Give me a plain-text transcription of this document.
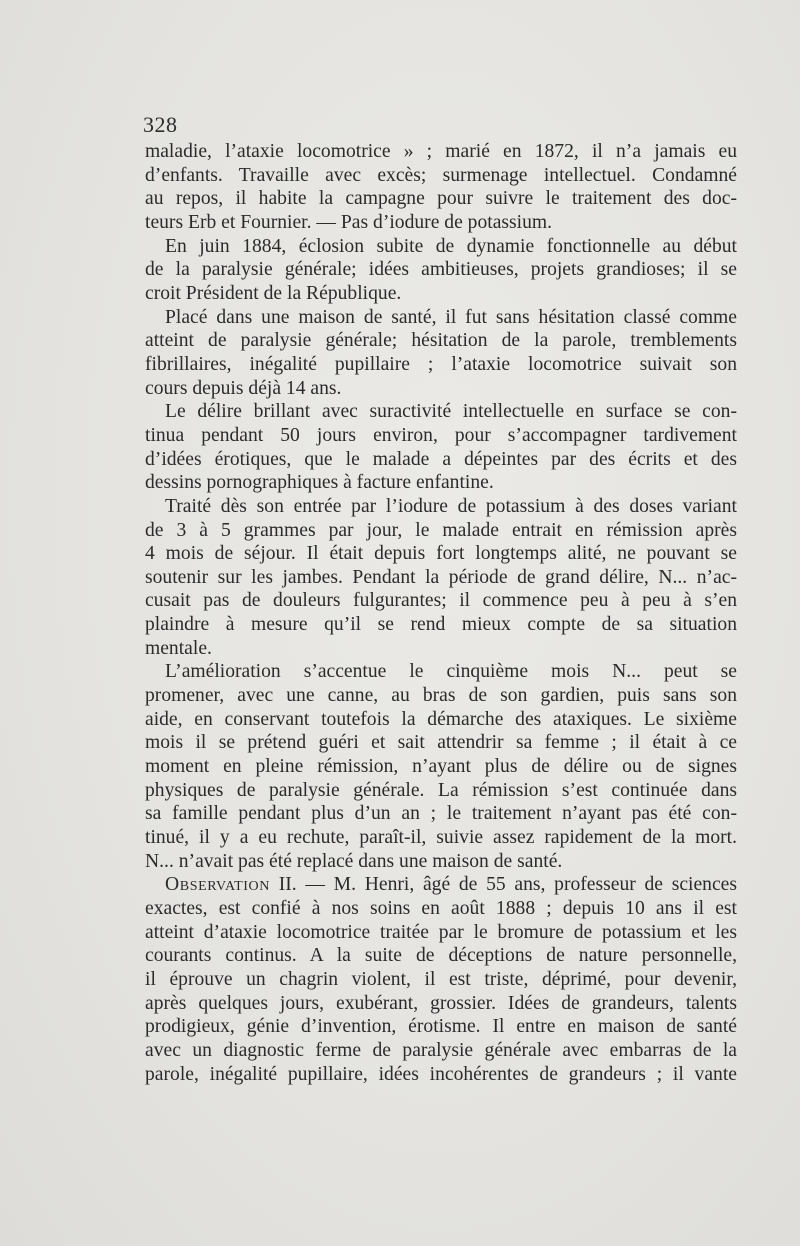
328

maladie, l’ataxie locomotrice » ; marié en 1872, il n’a jamais eu

d’enfants. Travaille avec excès; surmenage intellectuel. Condamné

au repos, il habite la campagne pour suivre le traitement des doc-

teurs Erb et Fournier. — Pas d’iodure de potassium.

En juin 1884, éclosion subite de dynamie fonctionnelle au début

de la paralysie générale; idées ambitieuses, projets grandioses; il se

croit Président de la République.

Placé dans une maison de santé, il fut sans hésitation classé comme

atteint de paralysie générale; hésitation de la parole, tremblements

fibrillaires, inégalité pupillaire ; l’ataxie locomotrice suivait son

cours depuis déjà 14 ans.

Le délire brillant avec suractivité intellectuelle en surface se con-

tinua pendant 50 jours environ, pour s’accompagner tardivement

d’idées érotiques, que le malade a dépeintes par des écrits et des

dessins pornographiques à facture enfantine.

Traité dès son entrée par l’iodure de potassium à des doses variant

de 3 à 5 grammes par jour, le malade entrait en rémission après

4 mois de séjour. Il était depuis fort longtemps alité, ne pouvant se

soutenir sur les jambes. Pendant la période de grand délire, N... n’ac-

cusait pas de douleurs fulgurantes; il commence peu à peu à s’en

plaindre à mesure qu’il se rend mieux compte de sa situation

mentale.

L’amélioration s’accentue le cinquième mois N... peut se

promener, avec une canne, au bras de son gardien, puis sans son

aide, en conservant toutefois la démarche des ataxiques. Le sixième

mois il se prétend guéri et sait attendrir sa femme ; il était à ce

moment en pleine rémission, n’ayant plus de délire ou de signes

physiques de paralysie générale. La rémission s’est continuée dans

sa famille pendant plus d’un an ; le traitement n’ayant pas été con-

tinué, il y a eu rechute, paraît-il, suivie assez rapidement de la mort.

N... n’avait pas été replacé dans une maison de santé.

Observation II. — M. Henri, âgé de 55 ans, professeur de sciences

exactes, est confié à nos soins en août 1888 ; depuis 10 ans il est

atteint d’ataxie locomotrice traitée par le bromure de potassium et les

courants continus. A la suite de déceptions de nature personnelle,

il éprouve un chagrin violent, il est triste, déprimé, pour devenir,

après quelques jours, exubérant, grossier. Idées de grandeurs, talents

prodigieux, génie d’invention, érotisme. Il entre en maison de santé

avec un diagnostic ferme de paralysie générale avec embarras de la

parole, inégalité pupillaire, idées incohérentes de grandeurs ; il vante
